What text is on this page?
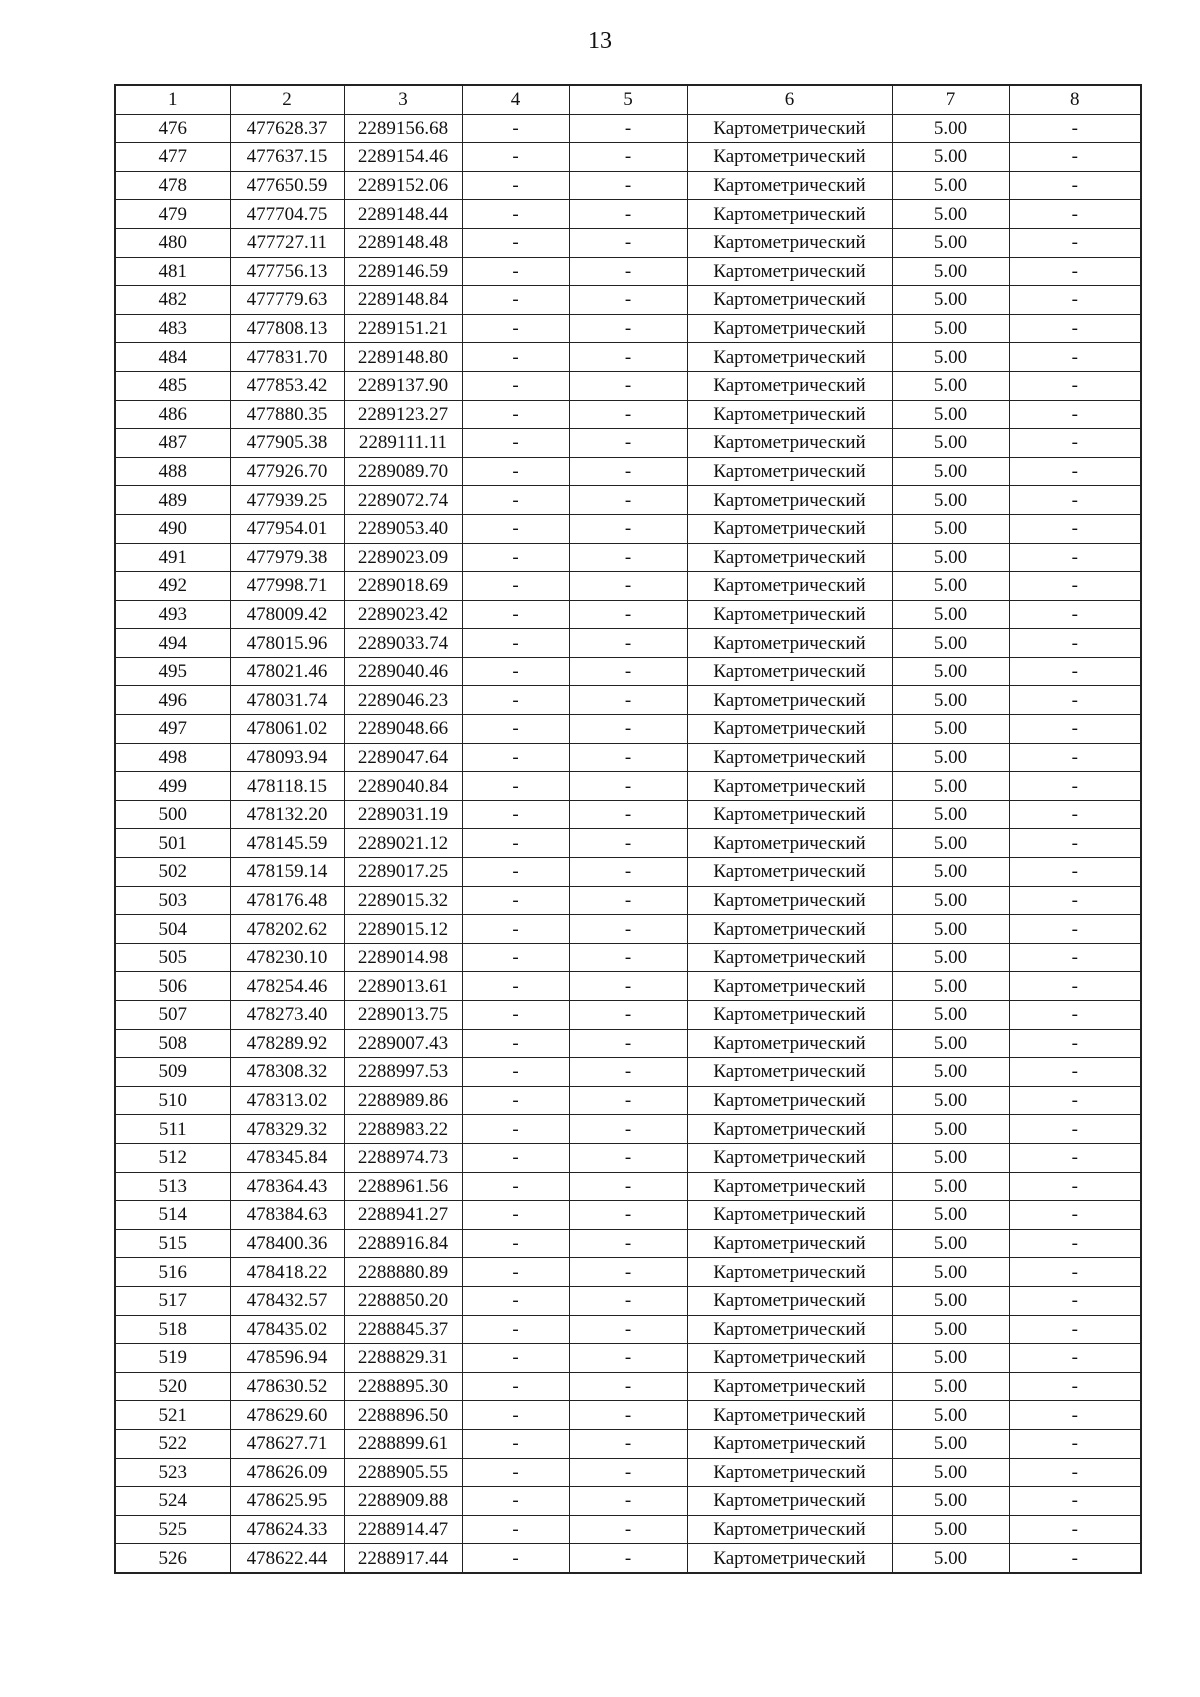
13
1	2	3	4	5	6	7	8
476	477628.37	2289156.68	-	-	Картометрический	5.00	-
477	477637.15	2289154.46	-	-	Картометрический	5.00	-
478	477650.59	2289152.06	-	-	Картометрический	5.00	-
479	477704.75	2289148.44	-	-	Картометрический	5.00	-
480	477727.11	2289148.48	-	-	Картометрический	5.00	-
481	477756.13	2289146.59	-	-	Картометрический	5.00	-
482	477779.63	2289148.84	-	-	Картометрический	5.00	-
483	477808.13	2289151.21	-	-	Картометрический	5.00	-
484	477831.70	2289148.80	-	-	Картометрический	5.00	-
485	477853.42	2289137.90	-	-	Картометрический	5.00	-
486	477880.35	2289123.27	-	-	Картометрический	5.00	-
487	477905.38	2289111.11	-	-	Картометрический	5.00	-
488	477926.70	2289089.70	-	-	Картометрический	5.00	-
489	477939.25	2289072.74	-	-	Картометрический	5.00	-
490	477954.01	2289053.40	-	-	Картометрический	5.00	-
491	477979.38	2289023.09	-	-	Картометрический	5.00	-
492	477998.71	2289018.69	-	-	Картометрический	5.00	-
493	478009.42	2289023.42	-	-	Картометрический	5.00	-
494	478015.96	2289033.74	-	-	Картометрический	5.00	-
495	478021.46	2289040.46	-	-	Картометрический	5.00	-
496	478031.74	2289046.23	-	-	Картометрический	5.00	-
497	478061.02	2289048.66	-	-	Картометрический	5.00	-
498	478093.94	2289047.64	-	-	Картометрический	5.00	-
499	478118.15	2289040.84	-	-	Картометрический	5.00	-
500	478132.20	2289031.19	-	-	Картометрический	5.00	-
501	478145.59	2289021.12	-	-	Картометрический	5.00	-
502	478159.14	2289017.25	-	-	Картометрический	5.00	-
503	478176.48	2289015.32	-	-	Картометрический	5.00	-
504	478202.62	2289015.12	-	-	Картометрический	5.00	-
505	478230.10	2289014.98	-	-	Картометрический	5.00	-
506	478254.46	2289013.61	-	-	Картометрический	5.00	-
507	478273.40	2289013.75	-	-	Картометрический	5.00	-
508	478289.92	2289007.43	-	-	Картометрический	5.00	-
509	478308.32	2288997.53	-	-	Картометрический	5.00	-
510	478313.02	2288989.86	-	-	Картометрический	5.00	-
511	478329.32	2288983.22	-	-	Картометрический	5.00	-
512	478345.84	2288974.73	-	-	Картометрический	5.00	-
513	478364.43	2288961.56	-	-	Картометрический	5.00	-
514	478384.63	2288941.27	-	-	Картометрический	5.00	-
515	478400.36	2288916.84	-	-	Картометрический	5.00	-
516	478418.22	2288880.89	-	-	Картометрический	5.00	-
517	478432.57	2288850.20	-	-	Картометрический	5.00	-
518	478435.02	2288845.37	-	-	Картометрический	5.00	-
519	478596.94	2288829.31	-	-	Картометрический	5.00	-
520	478630.52	2288895.30	-	-	Картометрический	5.00	-
521	478629.60	2288896.50	-	-	Картометрический	5.00	-
522	478627.71	2288899.61	-	-	Картометрический	5.00	-
523	478626.09	2288905.55	-	-	Картометрический	5.00	-
524	478625.95	2288909.88	-	-	Картометрический	5.00	-
525	478624.33	2288914.47	-	-	Картометрический	5.00	-
526	478622.44	2288917.44	-	-	Картометрический	5.00	-
